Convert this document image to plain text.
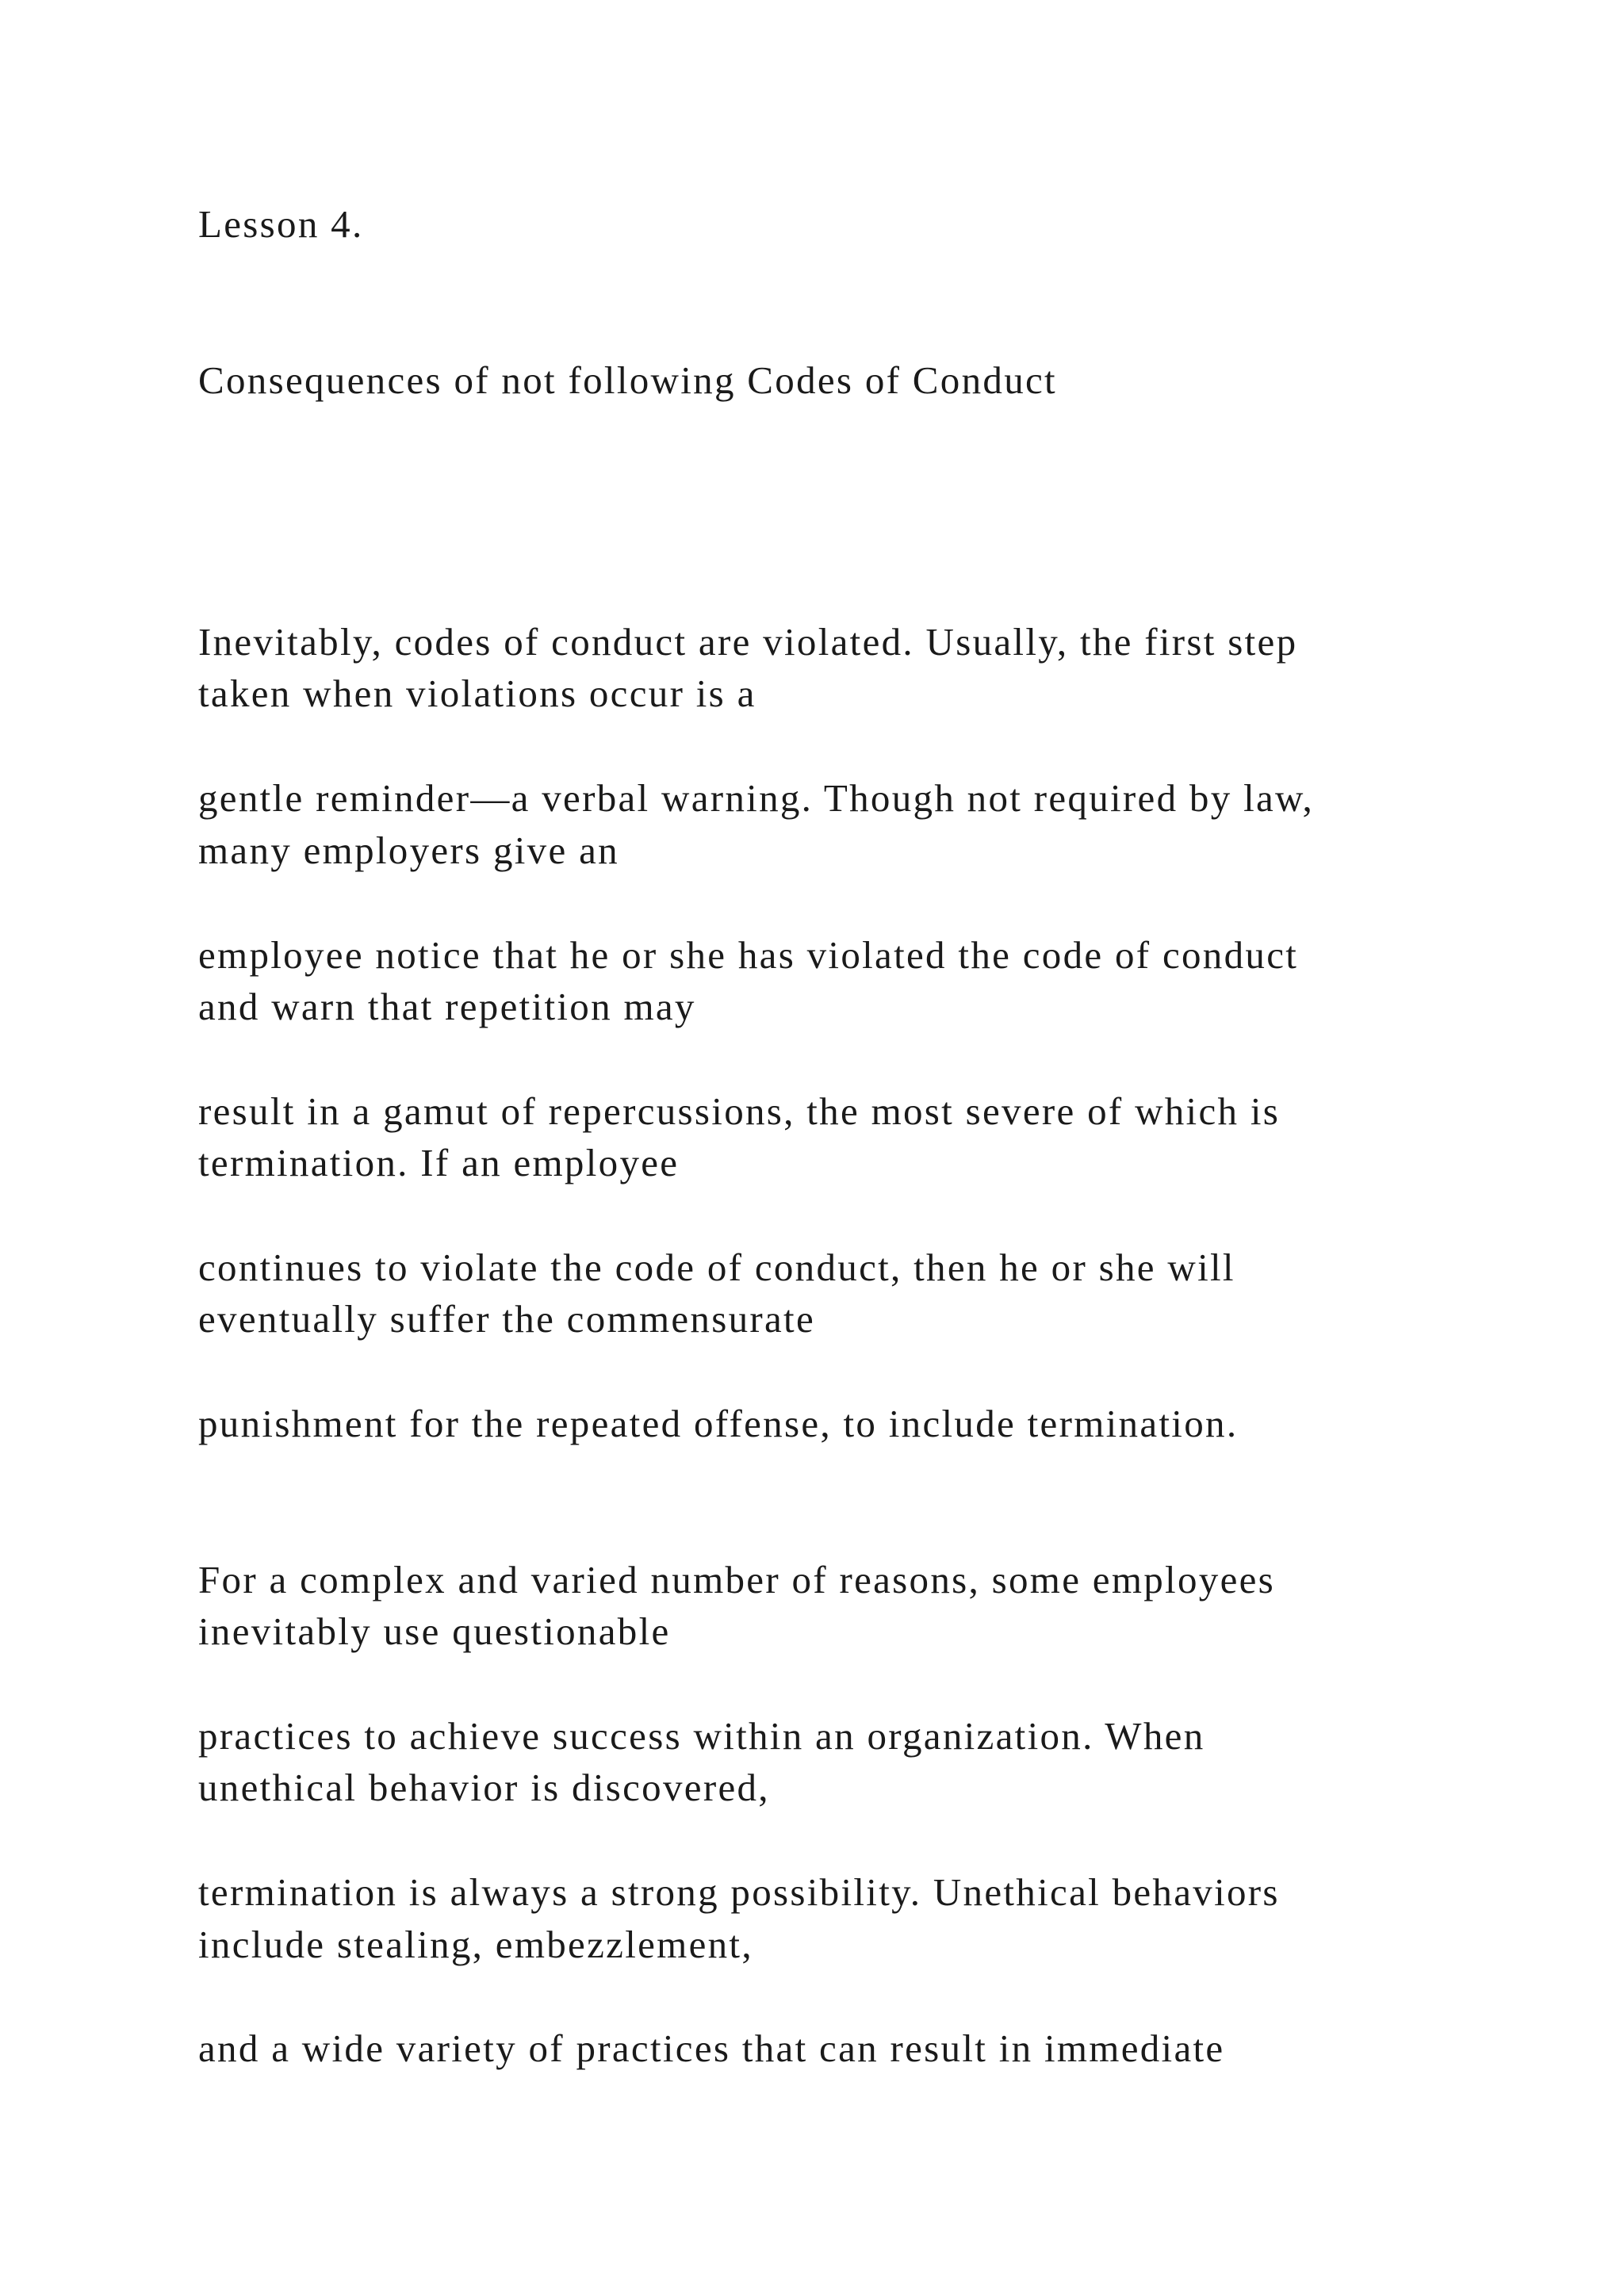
Lesson 4.

Consequences of not following Codes of Conduct

Inevitably, codes of conduct are violated. Usually, the first step

taken when violations occur is a

gentle reminder—a verbal warning. Though not required by law,

many employers give an

employee notice that he or she has violated the code of conduct

and warn that repetition may

result in a gamut of repercussions, the most severe of which is

termination. If an employee

continues to violate the code of conduct, then he or she will

eventually suffer the commensurate

punishment for the repeated offense, to include termination.

For a complex and varied number of reasons, some employees

inevitably use questionable

practices to achieve success within an organization. When

unethical behavior is discovered,

termination is always a strong possibility. Unethical behaviors

include stealing, embezzlement,

and a wide variety of practices that can result in immediate
